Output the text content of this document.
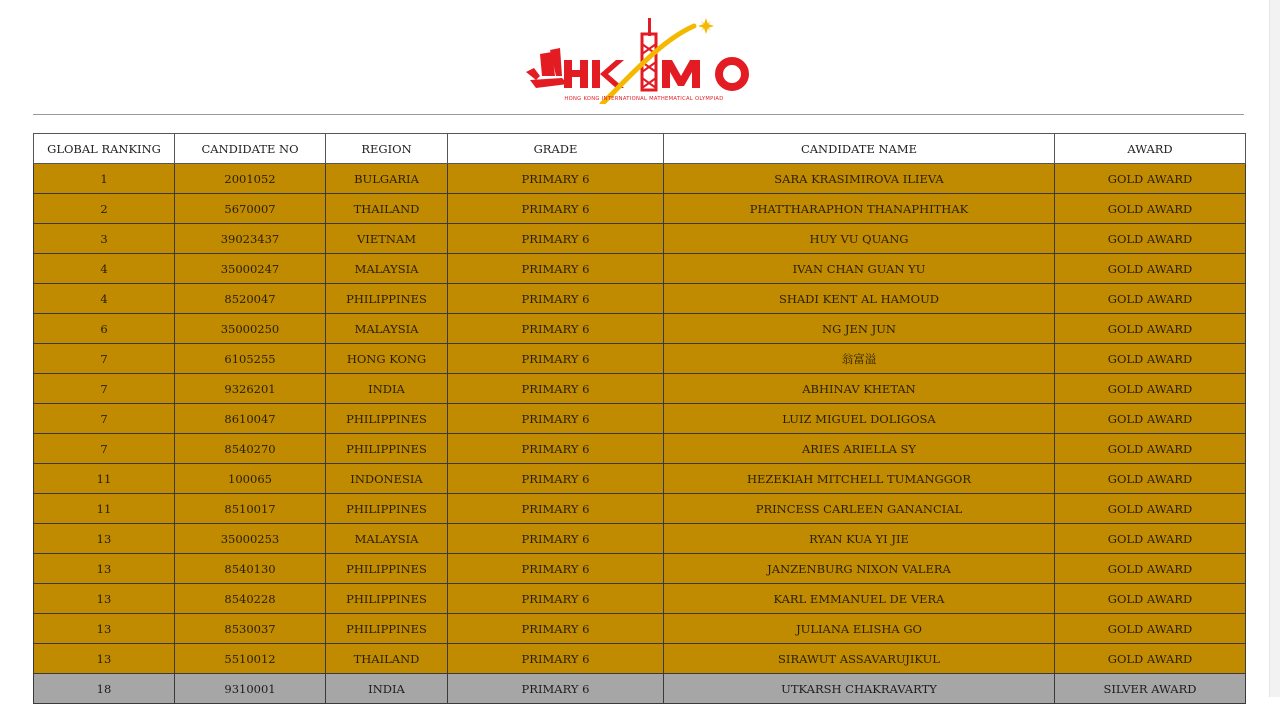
HONG KONG INTERNATIONAL MATHEMATICAL OLYMPIAD
GLOBAL RANKING	CANDIDATE NO	REGION	GRADE	CANDIDATE NAME	AWARD
1	2001052	BULGARIA	PRIMARY 6	SARA KRASIMIROVA ILIEVA	GOLD AWARD
2	5670007	THAILAND	PRIMARY 6	PHATTHARAPHON THANAPHITHAK	GOLD AWARD
3	39023437	VIETNAM	PRIMARY 6	HUY VU QUANG	GOLD AWARD
4	35000247	MALAYSIA	PRIMARY 6	IVAN CHAN GUAN YU	GOLD AWARD
4	8520047	PHILIPPINES	PRIMARY 6	SHADI KENT AL HAMOUD	GOLD AWARD
6	35000250	MALAYSIA	PRIMARY 6	NG JEN JUN	GOLD AWARD
7	6105255	HONG KONG	PRIMARY 6	翁富溢	GOLD AWARD
7	9326201	INDIA	PRIMARY 6	ABHINAV KHETAN	GOLD AWARD
7	8610047	PHILIPPINES	PRIMARY 6	LUIZ MIGUEL DOLIGOSA	GOLD AWARD
7	8540270	PHILIPPINES	PRIMARY 6	ARIES ARIELLA SY	GOLD AWARD
11	100065	INDONESIA	PRIMARY 6	HEZEKIAH MITCHELL TUMANGGOR	GOLD AWARD
11	8510017	PHILIPPINES	PRIMARY 6	PRINCESS CARLEEN GANANCIAL	GOLD AWARD
13	35000253	MALAYSIA	PRIMARY 6	RYAN KUA YI JIE	GOLD AWARD
13	8540130	PHILIPPINES	PRIMARY 6	JANZENBURG NIXON VALERA	GOLD AWARD
13	8540228	PHILIPPINES	PRIMARY 6	KARL EMMANUEL DE VERA	GOLD AWARD
13	8530037	PHILIPPINES	PRIMARY 6	JULIANA ELISHA GO	GOLD AWARD
13	5510012	THAILAND	PRIMARY 6	SIRAWUT ASSAVARUJIKUL	GOLD AWARD
18	9310001	INDIA	PRIMARY 6	UTKARSH CHAKRAVARTY	SILVER AWARD
